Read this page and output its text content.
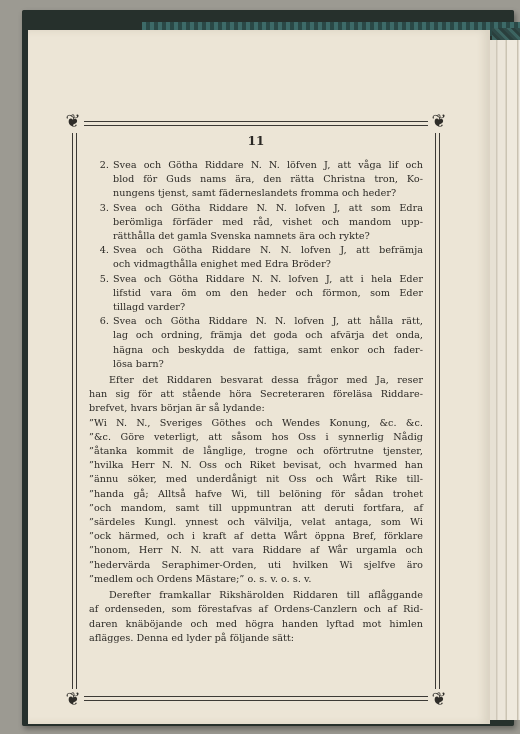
❦	❦
❦	❦
11
2. Svea och Götha Riddare N. N. löfven J, att våga lif och
blod för Guds nams ära, den rätta Christna tron, Ko-
nungens tjenst, samt fäderneslandets fromma och heder?
3. Svea och Götha Riddare N. N. lofven J, att som Edra
berömliga förfäder med råd, vishet och mandom upp-
rätthålla det gamla Svenska namnets ära och rykte?
4. Svea och Götha Riddare N. N. lofven J, att befrämja
och vidmagthålla enighet med Edra Bröder?
5. Svea och Götha Riddare N. N. lofven J, att i hela Eder
lifstid vara öm om den heder och förmon, som Eder
tillagd varder?
6. Svea och Götha Riddare N. N. lofven J, att hålla rätt,
lag och ordning, främja det goda och afvärja det onda,
hägna och beskydda de fattiga, samt enkor och fader-
lösa barn?
Efter det Riddaren besvarat dessa frågor med Ja, reser
han sig för att stående höra Secreteraren föreläsa Riddare-
brefvet, hvars början är så lydande:
”Wi N. N., Sveriges Göthes och Wendes Konung, &c. &c.
”&c. Göre veterligt, att såsom hos Oss i synnerlig Nådig
”åtanka kommit de långlige, trogne och oförtrutne tjenster,
”hvilka Herr N. N. Oss och Riket bevisat, och hvarmed han
”ännu söker, med underdånigt nit Oss och Wårt Rike till-
”handa gå; Alltså hafve Wi, till belöning för sådan trohet
”och mandom, samt till uppmuntran att deruti fortfara, af
”särdeles Kungl. ynnest och välvilja, velat antaga, som Wi
”ock härmed, och i kraft af detta Wårt öppna Bref, förklare
”honom, Herr N. N. att vara Riddare af Wår urgamla och
”hedervärda Seraphimer-Orden, uti hvilken Wi sjelfve äro
”medlem och Ordens Mästare;” o. s. v. o. s. v.
Derefter framkallar Rikshärolden Riddaren till aflåggande
af ordenseden, som förestafvas af Ordens-Canzlern och af Rid-
daren knäböjande och med högra handen lyftad mot himlen
aflägges. Denna ed lyder på följande sätt:
